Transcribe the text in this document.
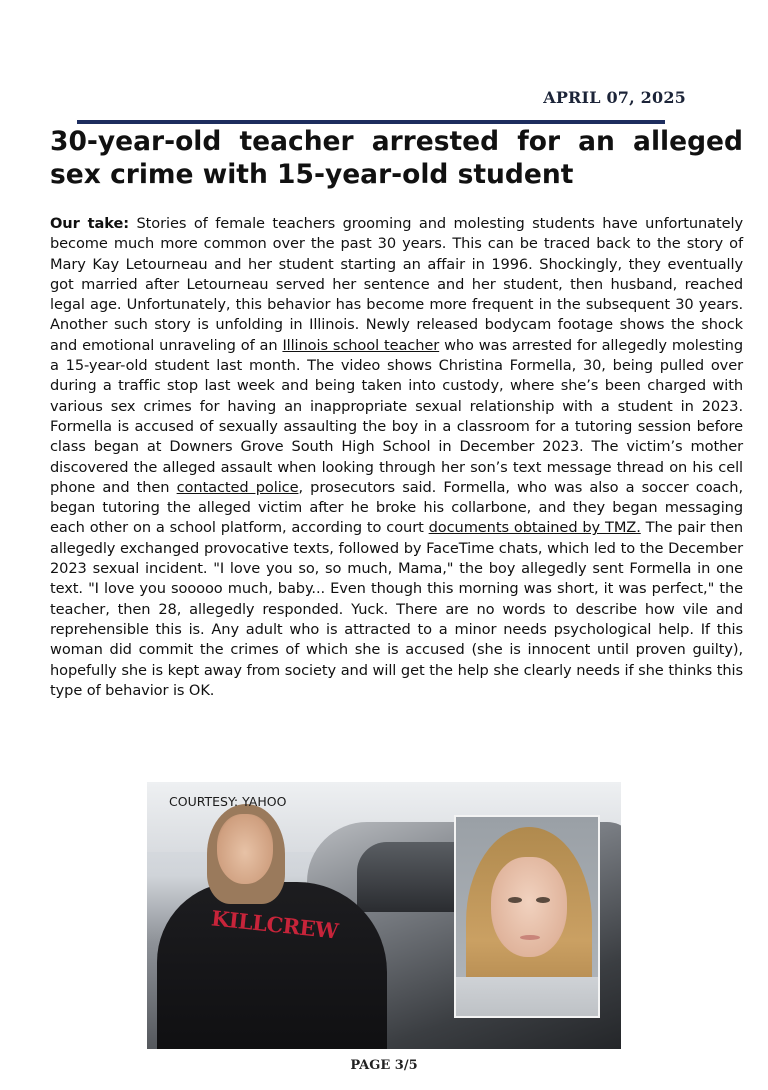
APRIL 07, 2025
30-year-old teacher arrested for an alleged sex crime with 15-year-old student
Our take: Stories of female teachers grooming and molesting students have unfortunately become much more common over the past 30 years. This can be traced back to the story of Mary Kay Letourneau and her student starting an affair in 1996. Shockingly, they eventually got married after Letourneau served her sentence and her student, then husband, reached legal age. Unfortunately, this behavior has become more frequent in the subsequent 30 years. Another such story is unfolding in Illinois. Newly released bodycam footage shows the shock and emotional unraveling of an Illinois school teacher who was arrested for allegedly molesting a 15-year-old student last month. The video shows Christina Formella, 30, being pulled over during a traffic stop last week and being taken into custody, where she’s been charged with various sex crimes for having an inappropriate sexual relationship with a student in 2023. Formella is accused of sexually assaulting the boy in a classroom for a tutoring session before class began at Downers Grove South High School in December 2023. The victim’s mother discovered the alleged assault when looking through her son’s text message thread on his cell phone and then contacted police, prosecutors said. Formella, who was also a soccer coach, began tutoring the alleged victim after he broke his collarbone, and they began messaging each other on a school platform, according to court documents obtained by TMZ. The pair then allegedly exchanged provocative texts, followed by FaceTime chats, which led to the December 2023 sexual incident. "I love you so, so much, Mama," the boy allegedly sent Formella in one text. "I love you sooooo much, baby... Even though this morning was short, it was perfect," the teacher, then 28, allegedly responded. Yuck. There are no words to describe how vile and reprehensible this is. Any adult who is attracted to a minor needs psychological help. If this woman did commit the crimes of which she is accused (she is innocent until proven guilty), hopefully she is kept away from society and will get the help she clearly needs if she thinks this type of behavior is OK.
KILLCREW
COURTESY: YAHOO
PAGE 3/5
